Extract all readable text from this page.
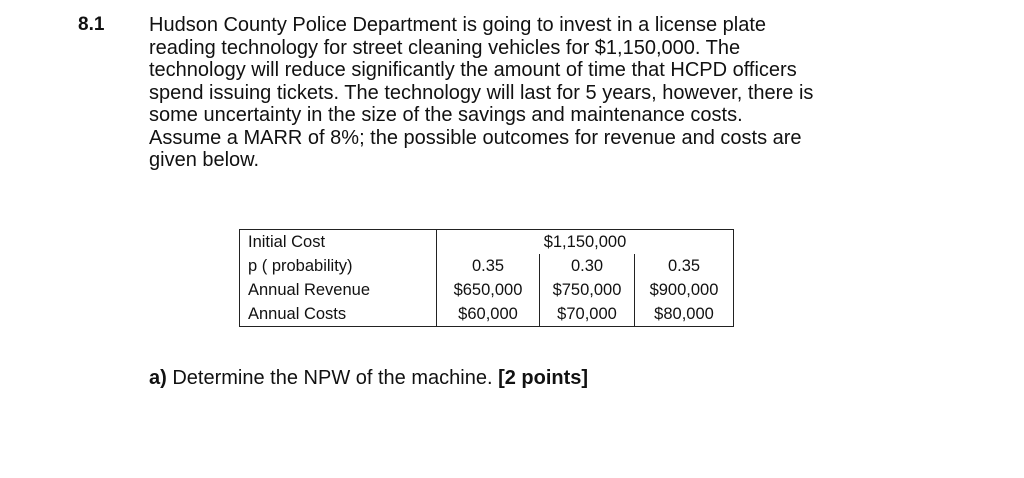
8.1 Hudson County Police Department is going to invest in a license plate
reading technology for street cleaning vehicles for $1,150,000. The
technology will reduce significantly the amount of time that HCPD officers
spend issuing tickets. The technology will last for 5 years, however, there is
some uncertainty in the size of the savings and maintenance costs.
Assume a MARR of 8%; the possible outcomes for revenue and costs are
given below.
Initial Cost	$1,150,000		
p ( probability)	0.35	0.30	0.35
Annual Revenue	$650,000	$750,000	$900,000
Annual Costs	$60,000	$70,000	$80,000
a) Determine the NPW of the machine. [2 points]
